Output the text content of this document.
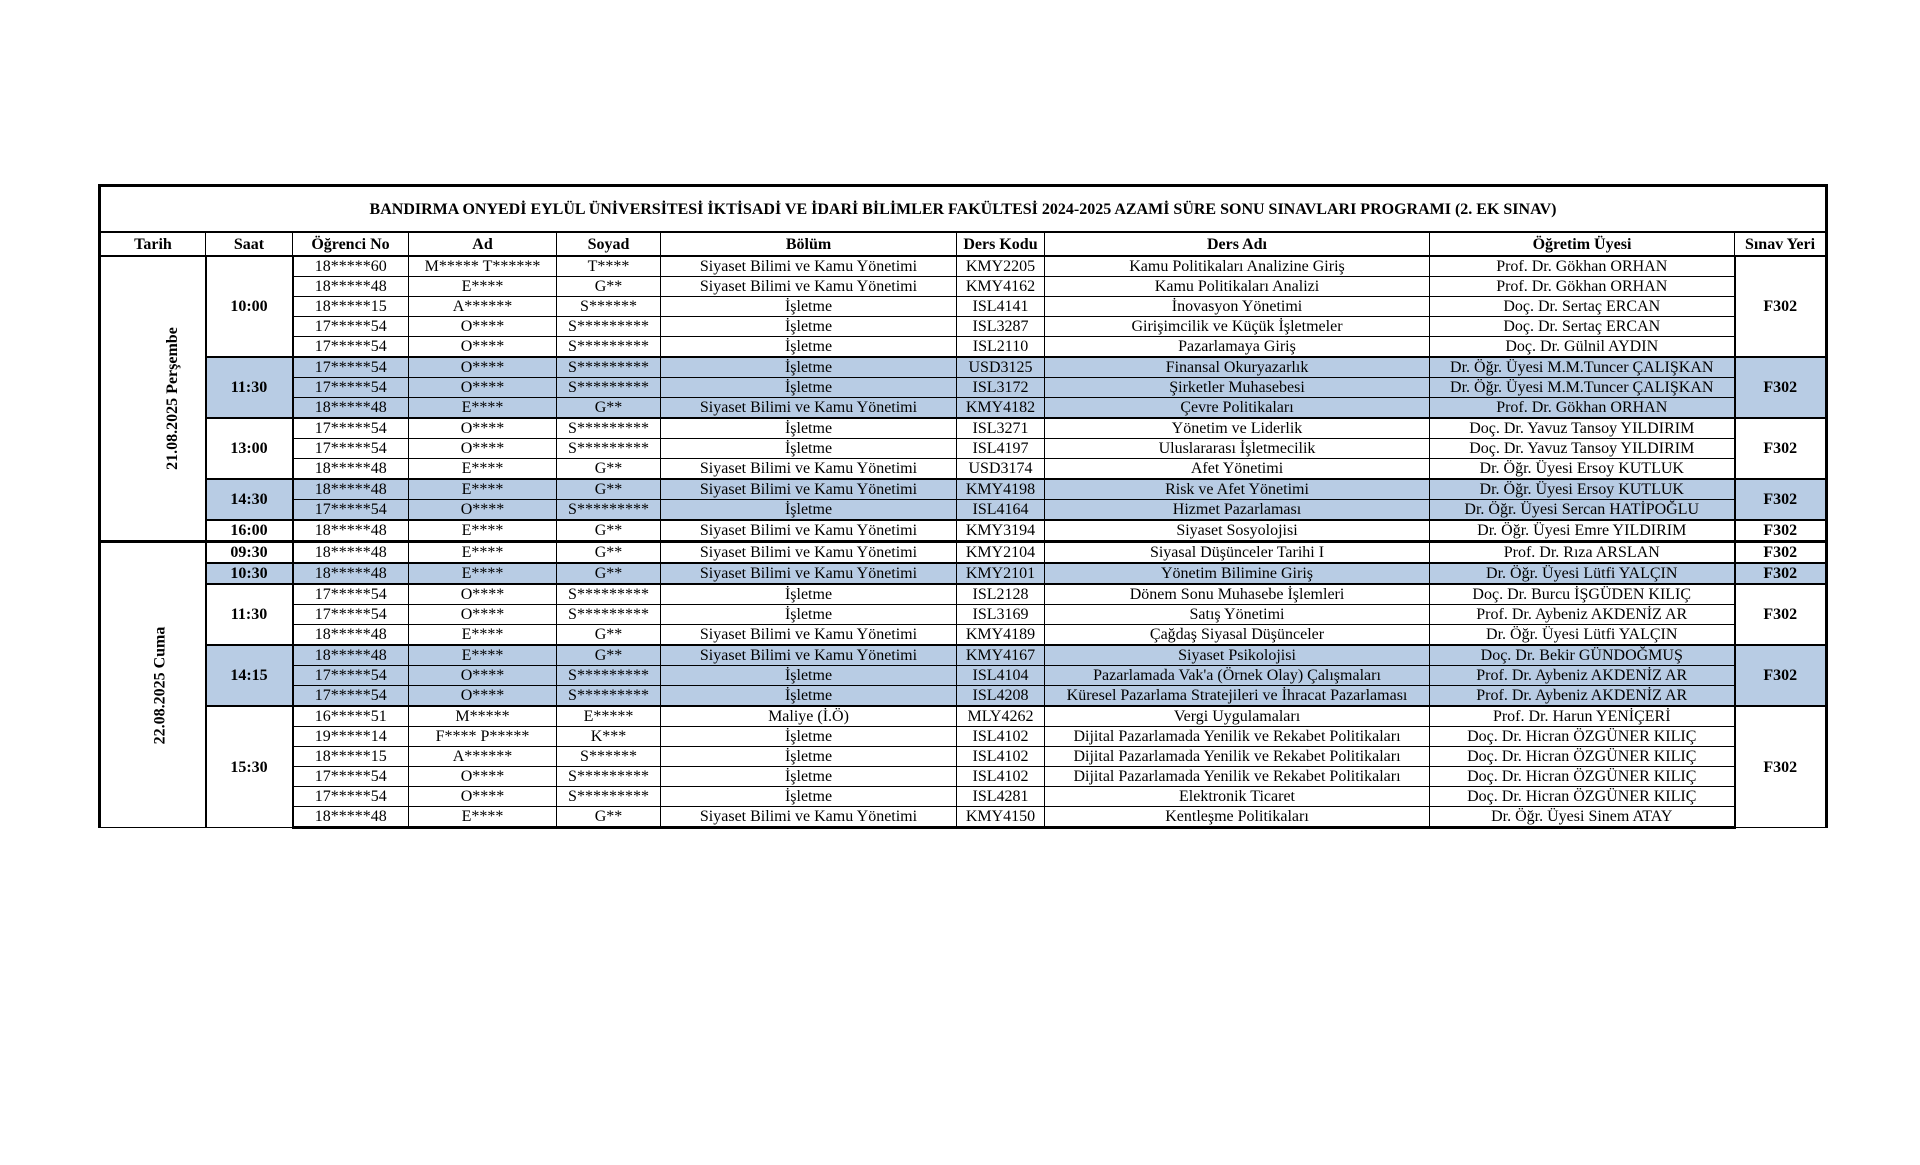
BANDIRMA ONYEDİ EYLÜL ÜNİVERSİTESİ İKTİSADİ VE İDARİ BİLİMLER FAKÜLTESİ 2024-2025 AZAMİ SÜRE SONU SINAVLARI PROGRAMI (2. EK SINAV)									
Tarih	Saat	Öğrenci No	Ad	Soyad	Bölüm	Ders Kodu	Ders Adı	Öğretim Üyesi	Sınav Yeri
21.08.2025 Perşembe	10:00	18*****60	M***** T******	T****	Siyaset Bilimi ve Kamu Yönetimi	KMY2205	Kamu Politikaları Analizine Giriş	Prof. Dr. Gökhan ORHAN	F302
		18*****48	E****	G**	Siyaset Bilimi ve Kamu Yönetimi	KMY4162	Kamu Politikaları Analizi	Prof. Dr. Gökhan ORHAN	
		18*****15	A******	S******	İşletme	ISL4141	İnovasyon Yönetimi	Doç. Dr. Sertaç ERCAN	
		17*****54	O****	S*********	İşletme	ISL3287	Girişimcilik ve Küçük İşletmeler	Doç. Dr. Sertaç ERCAN	
		17*****54	O****	S*********	İşletme	ISL2110	Pazarlamaya Giriş	Doç. Dr. Gülnil AYDIN	
	11:30	17*****54	O****	S*********	İşletme	USD3125	Finansal Okuryazarlık	Dr. Öğr. Üyesi M.M.Tuncer ÇALIŞKAN	F302
		17*****54	O****	S*********	İşletme	ISL3172	Şirketler Muhasebesi	Dr. Öğr. Üyesi M.M.Tuncer ÇALIŞKAN	
		18*****48	E****	G**	Siyaset Bilimi ve Kamu Yönetimi	KMY4182	Çevre Politikaları	Prof. Dr. Gökhan ORHAN	
	13:00	17*****54	O****	S*********	İşletme	ISL3271	Yönetim ve Liderlik	Doç. Dr. Yavuz Tansoy YILDIRIM	F302
		17*****54	O****	S*********	İşletme	ISL4197	Uluslararası İşletmecilik	Doç. Dr. Yavuz Tansoy YILDIRIM	
		18*****48	E****	G**	Siyaset Bilimi ve Kamu Yönetimi	USD3174	Afet Yönetimi	Dr. Öğr. Üyesi Ersoy KUTLUK	
	14:30	18*****48	E****	G**	Siyaset Bilimi ve Kamu Yönetimi	KMY4198	Risk ve Afet Yönetimi	Dr. Öğr. Üyesi Ersoy KUTLUK	F302
		17*****54	O****	S*********	İşletme	ISL4164	Hizmet Pazarlaması	Dr. Öğr. Üyesi Sercan HATİPOĞLU	
	16:00	18*****48	E****	G**	Siyaset Bilimi ve Kamu Yönetimi	KMY3194	Siyaset Sosyolojisi	Dr. Öğr. Üyesi Emre YILDIRIM	F302
22.08.2025 Cuma	09:30	18*****48	E****	G**	Siyaset Bilimi ve Kamu Yönetimi	KMY2104	Siyasal Düşünceler Tarihi I	Prof. Dr. Rıza ARSLAN	F302
	10:30	18*****48	E****	G**	Siyaset Bilimi ve Kamu Yönetimi	KMY2101	Yönetim Bilimine Giriş	Dr. Öğr. Üyesi Lütfi YALÇIN	F302
	11:30	17*****54	O****	S*********	İşletme	ISL2128	Dönem Sonu Muhasebe İşlemleri	Doç. Dr. Burcu İŞGÜDEN KILIÇ	F302
		17*****54	O****	S*********	İşletme	ISL3169	Satış Yönetimi	Prof. Dr. Aybeniz AKDENİZ AR	
		18*****48	E****	G**	Siyaset Bilimi ve Kamu Yönetimi	KMY4189	Çağdaş Siyasal Düşünceler	Dr. Öğr. Üyesi Lütfi YALÇIN	
	14:15	18*****48	E****	G**	Siyaset Bilimi ve Kamu Yönetimi	KMY4167	Siyaset Psikolojisi	Doç. Dr. Bekir GÜNDOĞMUŞ	F302
		17*****54	O****	S*********	İşletme	ISL4104	Pazarlamada Vak'a (Örnek Olay) Çalışmaları	Prof. Dr. Aybeniz AKDENİZ AR	
		17*****54	O****	S*********	İşletme	ISL4208	Küresel Pazarlama Stratejileri ve İhracat Pazarlaması	Prof. Dr. Aybeniz AKDENİZ AR	
	15:30	16*****51	M*****	E*****	Maliye (İ.Ö)	MLY4262	Vergi Uygulamaları	Prof. Dr. Harun YENİÇERİ	F302
		19*****14	F**** P*****	K***	İşletme	ISL4102	Dijital Pazarlamada Yenilik ve Rekabet Politikaları	Doç. Dr. Hicran ÖZGÜNER KILIÇ	
		18*****15	A******	S******	İşletme	ISL4102	Dijital Pazarlamada Yenilik ve Rekabet Politikaları	Doç. Dr. Hicran ÖZGÜNER KILIÇ	
		17*****54	O****	S*********	İşletme	ISL4102	Dijital Pazarlamada Yenilik ve Rekabet Politikaları	Doç. Dr. Hicran ÖZGÜNER KILIÇ	
		17*****54	O****	S*********	İşletme	ISL4281	Elektronik Ticaret	Doç. Dr. Hicran ÖZGÜNER KILIÇ	
		18*****48	E****	G**	Siyaset Bilimi ve Kamu Yönetimi	KMY4150	Kentleşme Politikaları	Dr. Öğr. Üyesi Sinem ATAY	
